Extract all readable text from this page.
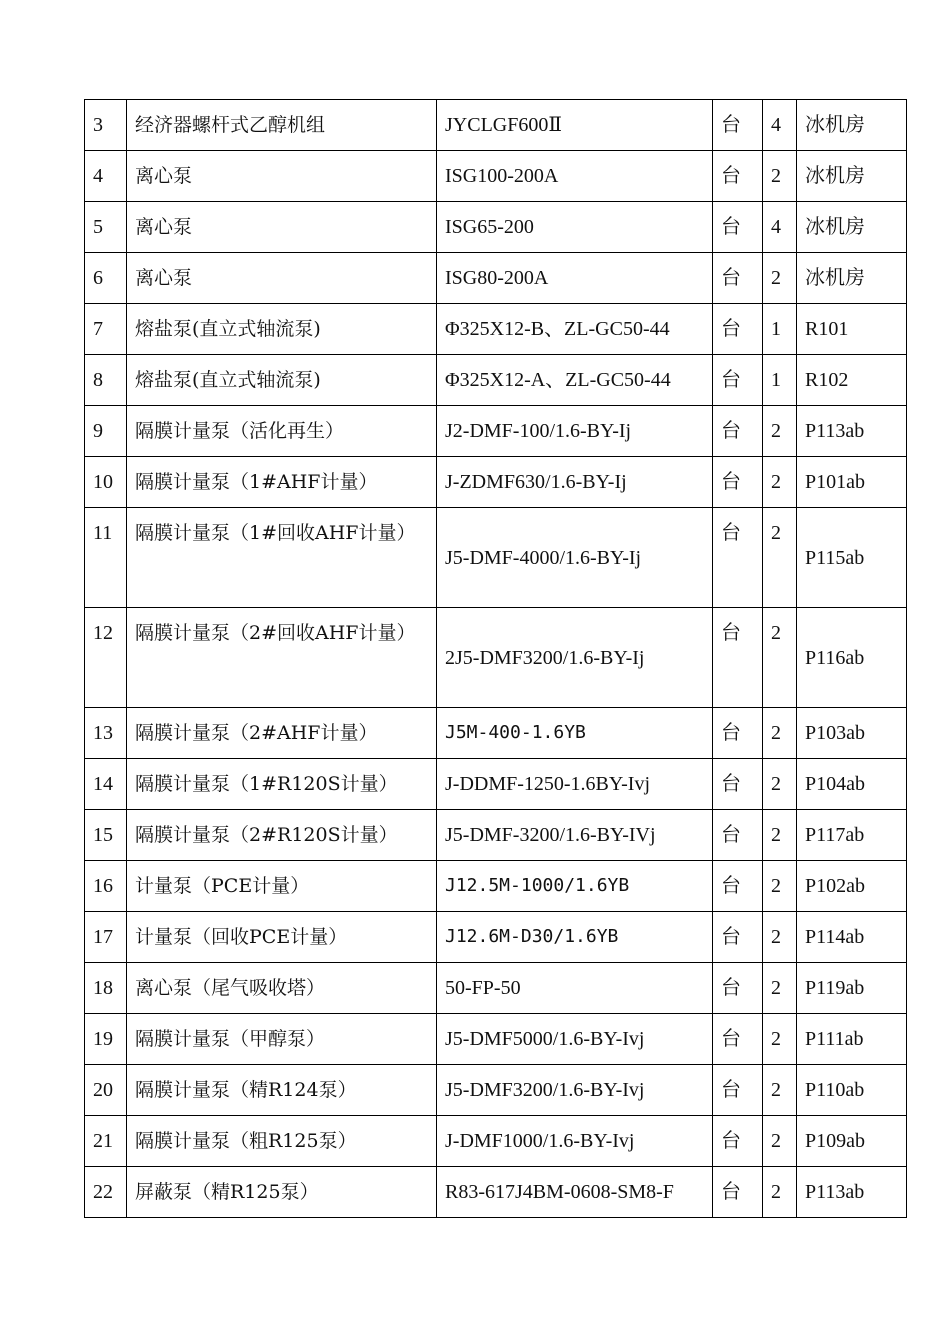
3	经济器螺杆式乙醇机组	JYCLGF600Ⅱ	台	4	冰机房
4	离心泵	ISG100-200A	台	2	冰机房
5	离心泵	ISG65-200	台	4	冰机房
6	离心泵	ISG80-200A	台	2	冰机房
7	熔盐泵(直立式轴流泵)	Φ325X12-B、ZL-GC50-44	台	1	R101
8	熔盐泵(直立式轴流泵)	Φ325X12-A、ZL-GC50-44	台	1	R102
9	隔膜计量泵（活化再生）	J2-DMF-100/1.6-BY-Ij	台	2	P113ab
10	隔膜计量泵（1#AHF计量）	J-ZDMF630/1.6-BY-Ij	台	2	P101ab
11	隔膜计量泵（1#回收AHF计量）	J5-DMF-4000/1.6-BY-Ij	台	2	P115ab
12	隔膜计量泵（2#回收AHF计量）	2J5-DMF3200/1.6-BY-Ij	台	2	P116ab
13	隔膜计量泵（2#AHF计量）	J5M-400-1.6YB	台	2	P103ab
14	隔膜计量泵（1#R120S计量）	J-DDMF-1250-1.6BY-Ivj	台	2	P104ab
15	隔膜计量泵（2#R120S计量）	J5-DMF-3200/1.6-BY-IVj	台	2	P117ab
16	计量泵（PCE计量）	J12.5M-1000/1.6YB	台	2	P102ab
17	计量泵（回收PCE计量）	J12.6M-D30/1.6YB	台	2	P114ab
18	离心泵（尾气吸收塔）	50-FP-50	台	2	P119ab
19	隔膜计量泵（甲醇泵）	J5-DMF5000/1.6-BY-Ivj	台	2	P111ab
20	隔膜计量泵（精R124泵）	J5-DMF3200/1.6-BY-Ivj	台	2	P110ab
21	隔膜计量泵（粗R125泵）	J-DMF1000/1.6-BY-Ivj	台	2	P109ab
22	屏蔽泵（精R125泵）	R83-617J4BM-0608-SM8-F	台	2	P113ab
